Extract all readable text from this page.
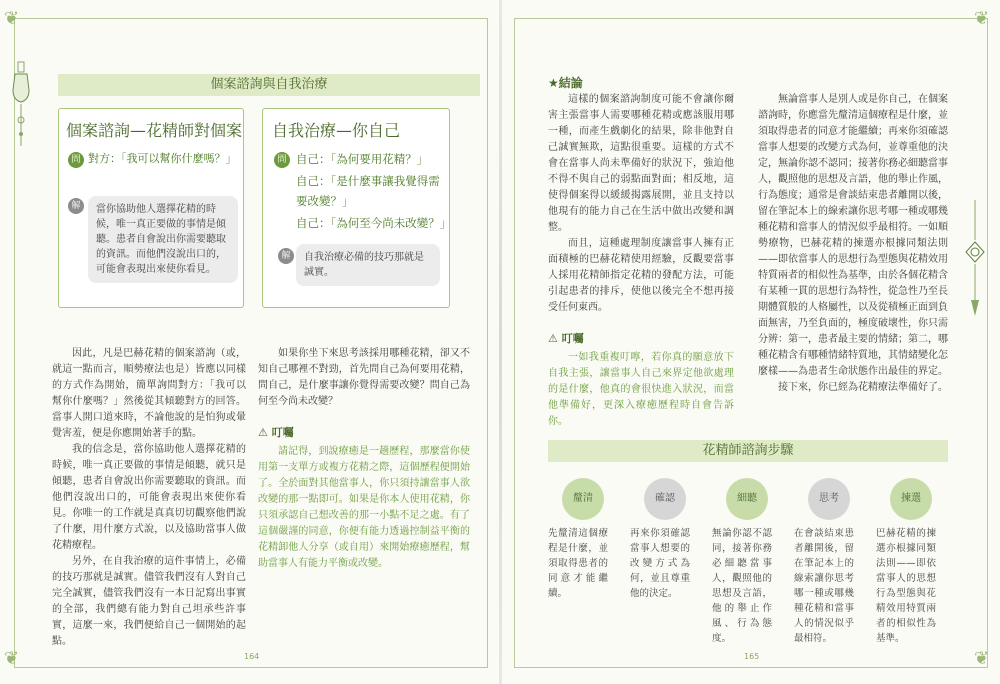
❦
❦
❦
❦
個案諮詢與自我治療
個案諮詢—花精師對個案
問 對方：「我可以幫你什麼嗎？」
解	當你協助他人選擇花精的時候，唯一真正要做的事情是傾聽。患者自會說出你需要聽取的資訊。而他們沒說出口的，可能會表現出來使你看見。
自我治療—你自己
問 自己：「為何要用花精？」
自己：「是什麼事讓我覺得需要改變？」
自己：「為何至今尚未改變？」
解	自我治療必備的技巧那就是誠實。

因此，凡是巴赫花精的個案諮詢（或，就這一點而言，順勢療法也是）皆應以同樣的方式作為開始，簡單詢問對方：「我可以幫你什麼嗎？」然後從其傾聽對方的回答。當事人開口道來時，不論他說的是怕狗或暈覺害羞，便是你應開始著手的點。

我的信念是，當你協助他人選擇花精的時候，唯一真正要做的事情是傾聽，就只是傾聽，患者自會說出你需要聽取的資訊。而他們沒說出口的，可能會表現出來使你看見。你唯一的工作就是真真切切觀察他們說了什麼，用什麼方式說，以及協助當事人做花精療程。

另外，在自我治療的這件事情上，必備的技巧那就是誠實。儘管我們沒有人對自己完全誠實，儘管我們沒有一本日記寫出事實的全部，我們總有能力對自己坦承些許事實，這麼一來，我們便給自己一個開始的起點。

如果你坐下來思考該採用哪種花精，卻又不知自己哪裡不對勁，首先問自己為何要用花精，問自己，是什麼事讓你覺得需要改變？問自己為何至今尚未改變？

⚠ 叮囑

請記得，到說療癒是一趟歷程，那麼當你使用第一支單方或複方花精之際，這個歷程便開始了。全於面對其他當事人，你只須持讓當事人欲改變的那一點即可。如果是你本人使用花精，你只須承認自己想改善的那一小點不足之處。有了這個嚴謹的同意，你便有能力透過控制益平衡的花精卸他人分享（或自用）來開始療癒歷程，幫助當事人有能力平衡或改變。

164
★結論

這樣的個案諮詢制度可能不會讓你爾害主張當事人需要哪種花精或應該服用哪一種，而產生戲劇化的結果，除非他對自己誠實無欺，這點很重要。這樣的方式不會在當事人尚未準備好的狀況下，強迫他不得不與自己的弱點面對面；相反地，這使得個案得以緩緩揭露展開，並且支持以他現有的能力自己在生活中做出改變和調整。

而且，這種處理制度讓當事人擁有正面積極的巴赫花精使用經驗，反觀要當事人採用花精師指定花精的發配方法，可能引起患者的排斥，使他以後完全不想再接受任何東西。

⚠ 叮囑

一如我重複叮嚀，若你真的願意放下自我主張，讓當事人自己來界定他欲處理的是什麼，他真的會很快進入狀況，而當他準備好，更深入療癒歷程時自會告訴你。

無論當事人是別人或是你自己，在個案諮詢時，你應當先釐清這個療程是什麼，並須取得患者的同意才能繼續；再來你須確認當事人想要的改變方式為何，並尊重他的決定，無論你認不認同；接著你務必細聽當事人，觀照他的思想及言語，他的舉止作風，行為態度；通常是會談結束患者離開以後，留在筆記本上的線索讓你思考哪一種或哪幾種花精和當事人的情況似乎最相符。一如順勢療物，巴赫花精的揀選亦根據同類法則——即依當事人的思想行為型態與花精效用特質兩者的相似性為基準，由於各個花精含有某種一貫的思想行為特性，從急性乃至長期體質般的人格屬性，以及從積極正面到負面無害，乃至負面的，極度破壞性，你只需分辨：第一，患者最主要的情緒；第二，哪種花精含有哪種情緒特質地，其情緒變化怎麼樣——為患者生命狀態作出最佳的界定。

接下來，你已經為花精療法準備好了。

花精師諮詢步驟
釐清
先釐清這個療程是什麼，並須取得患者的同意才能繼續。
確認
再來你須確認當事人想要的改變方式為何，並且尊重他的決定。
細聽
無論你認不認同，接著你務必細聽當事人，觀照他的思想及言語，他的舉止作風、行為態度。
思考
在會談結束患者離開後，留在筆記本上的線索讓你思考哪一種或哪幾種花精和當事人的情況似乎最相符。
揀選
巴赫花精的揀選亦根據同類法則——即依當事人的思想行為型態與花精效用特質兩者的相似性為基準。
165
